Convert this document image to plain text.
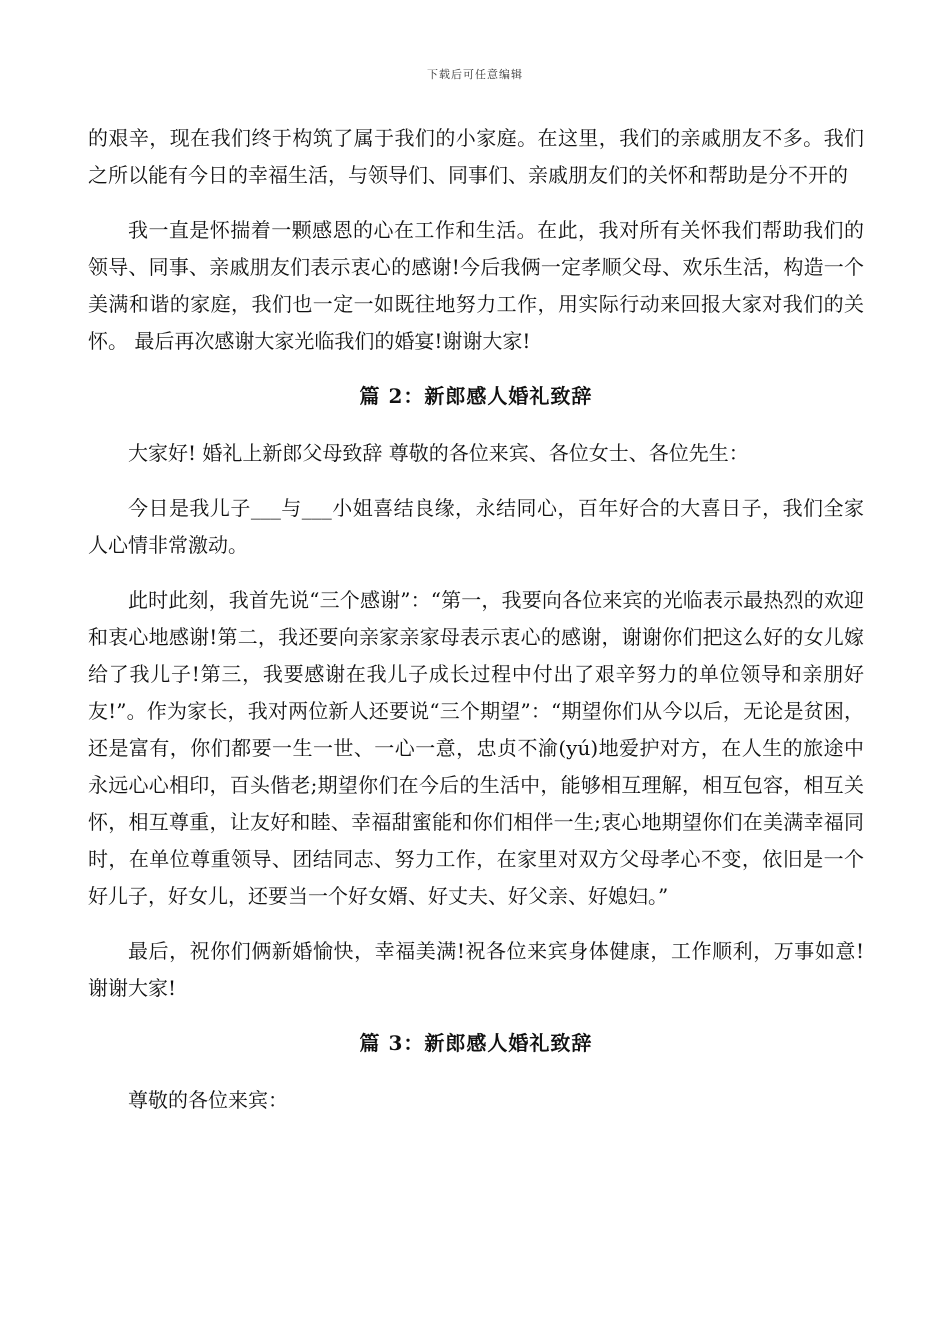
下载后可任意编辑

的艰辛，现在我们终于构筑了属于我们的小家庭。在这里，我们的亲戚朋友不多。我们之所以能有今日的幸福生活，与领导们、同事们、亲戚朋友们的关怀和帮助是分不开的

我一直是怀揣着一颗感恩的心在工作和生活。在此，我对所有关怀我们帮助我们的领导、同事、亲戚朋友们表示衷心的感谢!今后我俩一定孝顺父母、欢乐生活，构造一个美满和谐的家庭，我们也一定一如既往地努力工作，用实际行动来回报大家对我们的关怀。 最后再次感谢大家光临我们的婚宴!谢谢大家!

篇 2：新郎感人婚礼致辞

大家好! 婚礼上新郎父母致辞 尊敬的各位来宾、各位女士、各位先生：

今日是我儿子___与___小姐喜结良缘，永结同心，百年好合的大喜日子，我们全家人心情非常激动。

此时此刻，我首先说“三个感谢”：“第一，我要向各位来宾的光临表示最热烈的欢迎和衷心地感谢!第二，我还要向亲家亲家母表示衷心的感谢，谢谢你们把这么好的女儿嫁给了我儿子!第三，我要感谢在我儿子成长过程中付出了艰辛努力的单位领导和亲朋好友!”。作为家长，我对两位新人还要说“三个期望”：“期望你们从今以后，无论是贫困，还是富有，你们都要一生一世、一心一意，忠贞不渝(yú)地爱护对方，在人生的旅途中永远心心相印，百头偕老;期望你们在今后的生活中，能够相互理解，相互包容，相互关怀，相互尊重，让友好和睦、幸福甜蜜能和你们相伴一生;衷心地期望你们在美满幸福同时，在单位尊重领导、团结同志、努力工作，在家里对双方父母孝心不变，依旧是一个好儿子，好女儿，还要当一个好女婿、好丈夫、好父亲、好媳妇。”

最后，祝你们俩新婚愉快，幸福美满!祝各位来宾身体健康，工作顺利，万事如意! 谢谢大家!

篇 3：新郎感人婚礼致辞

尊敬的各位来宾：
